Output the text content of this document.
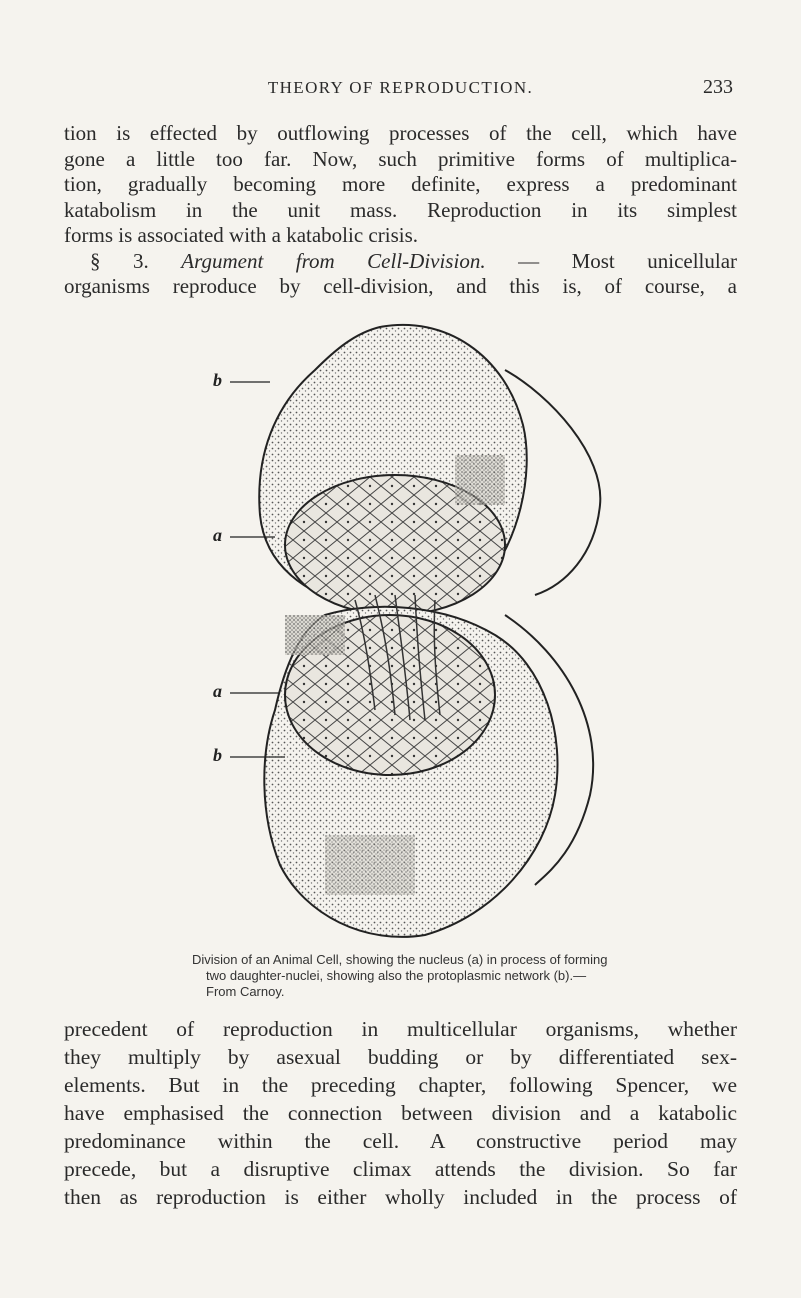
THEORY OF REPRODUCTION.	233
tion is effected by outflowing processes of the cell, which have
gone a little too far. Now, such primitive forms of multiplica-
tion, gradually becoming more definite, express a predominant
katabolism in the unit mass. Reproduction in its simplest
forms is associated with a katabolic crisis.
§ 3. Argument from Cell-Division. — Most unicellular
organisms reproduce by cell-division, and this is, of course, a
b
a
a
b
Division of an Animal Cell, showing the nucleus (a) in process of forming
two daughter-nuclei, showing also the protoplasmic network (b).—
From Carnoy.
precedent of reproduction in multicellular organisms, whether
they multiply by asexual budding or by differentiated sex-
elements. But in the preceding chapter, following Spencer, we
have emphasised the connection between division and a katabolic
predominance within the cell. A constructive period may
precede, but a disruptive climax attends the division. So far
then as reproduction is either wholly included in the process of
